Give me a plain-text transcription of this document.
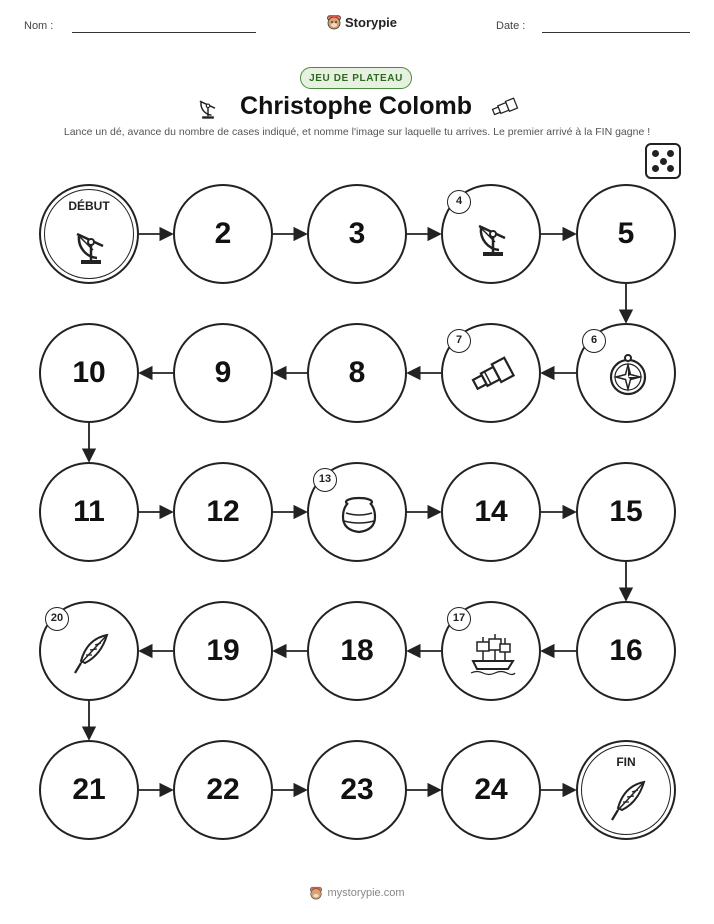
Nom :	Storypie	Date :
JEU DE PLATEAU
Christophe Colomb
Lance un dé, avance du nombre de cases indiqué, et nomme l'image sur laquelle tu arrives. Le premier arrivé à la FIN gagne !
DÉBUT
2	3
4
5
6
7
8
9
10
11	12
13
14	15
16
17
18
19
20
21	22	23	24
FIN
mystorypie.com
